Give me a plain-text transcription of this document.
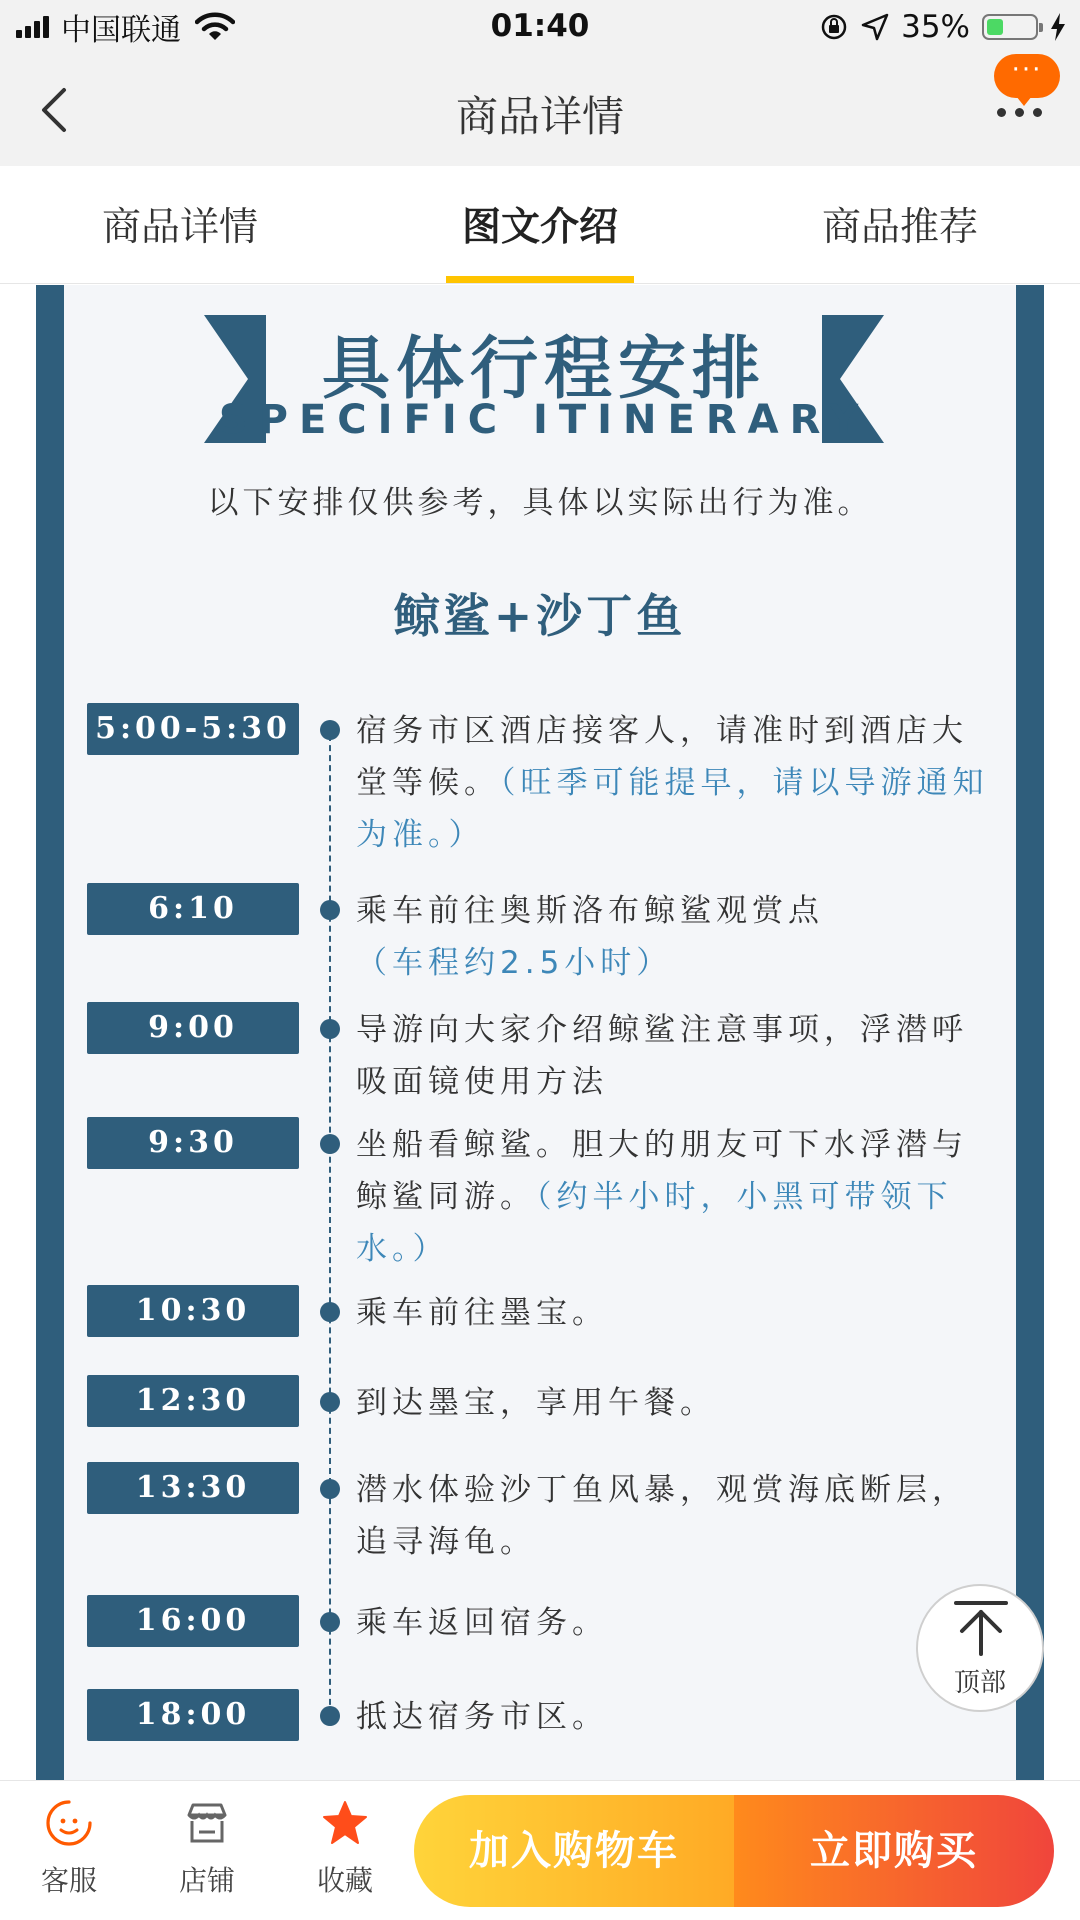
中国联通	01:40	35%
商品详情
···
商品详情	图文介绍	商品推荐
具体行程安排
SPECIFIC ITINERARY
以下安排仅供参考，具体以实际出行为准。
鲸鲨+沙丁鱼
5:00-5:30 宿务市区酒店接客人，请准时到酒店大堂等候。（旺季可能提早，请以导游通知为准。）
6:10	乘车前往奥斯洛布鲸鲨观赏点
（车程约2.5小时）
9:00	导游向大家介绍鲸鲨注意事项，浮潜呼吸面镜使用方法
9:30	坐船看鲸鲨。胆大的朋友可下水浮潜与鲸鲨同游。（约半小时，小黑可带领下水。）
10:30	乘车前往墨宝。
12:30	到达墨宝，享用午餐。
13:30	潜水体验沙丁鱼风暴，观赏海底断层，追寻海龟。
16:00	乘车返回宿务。
18:00	抵达宿务市区。
顶部
客服	店铺	收藏
加入购物车	立即购买
